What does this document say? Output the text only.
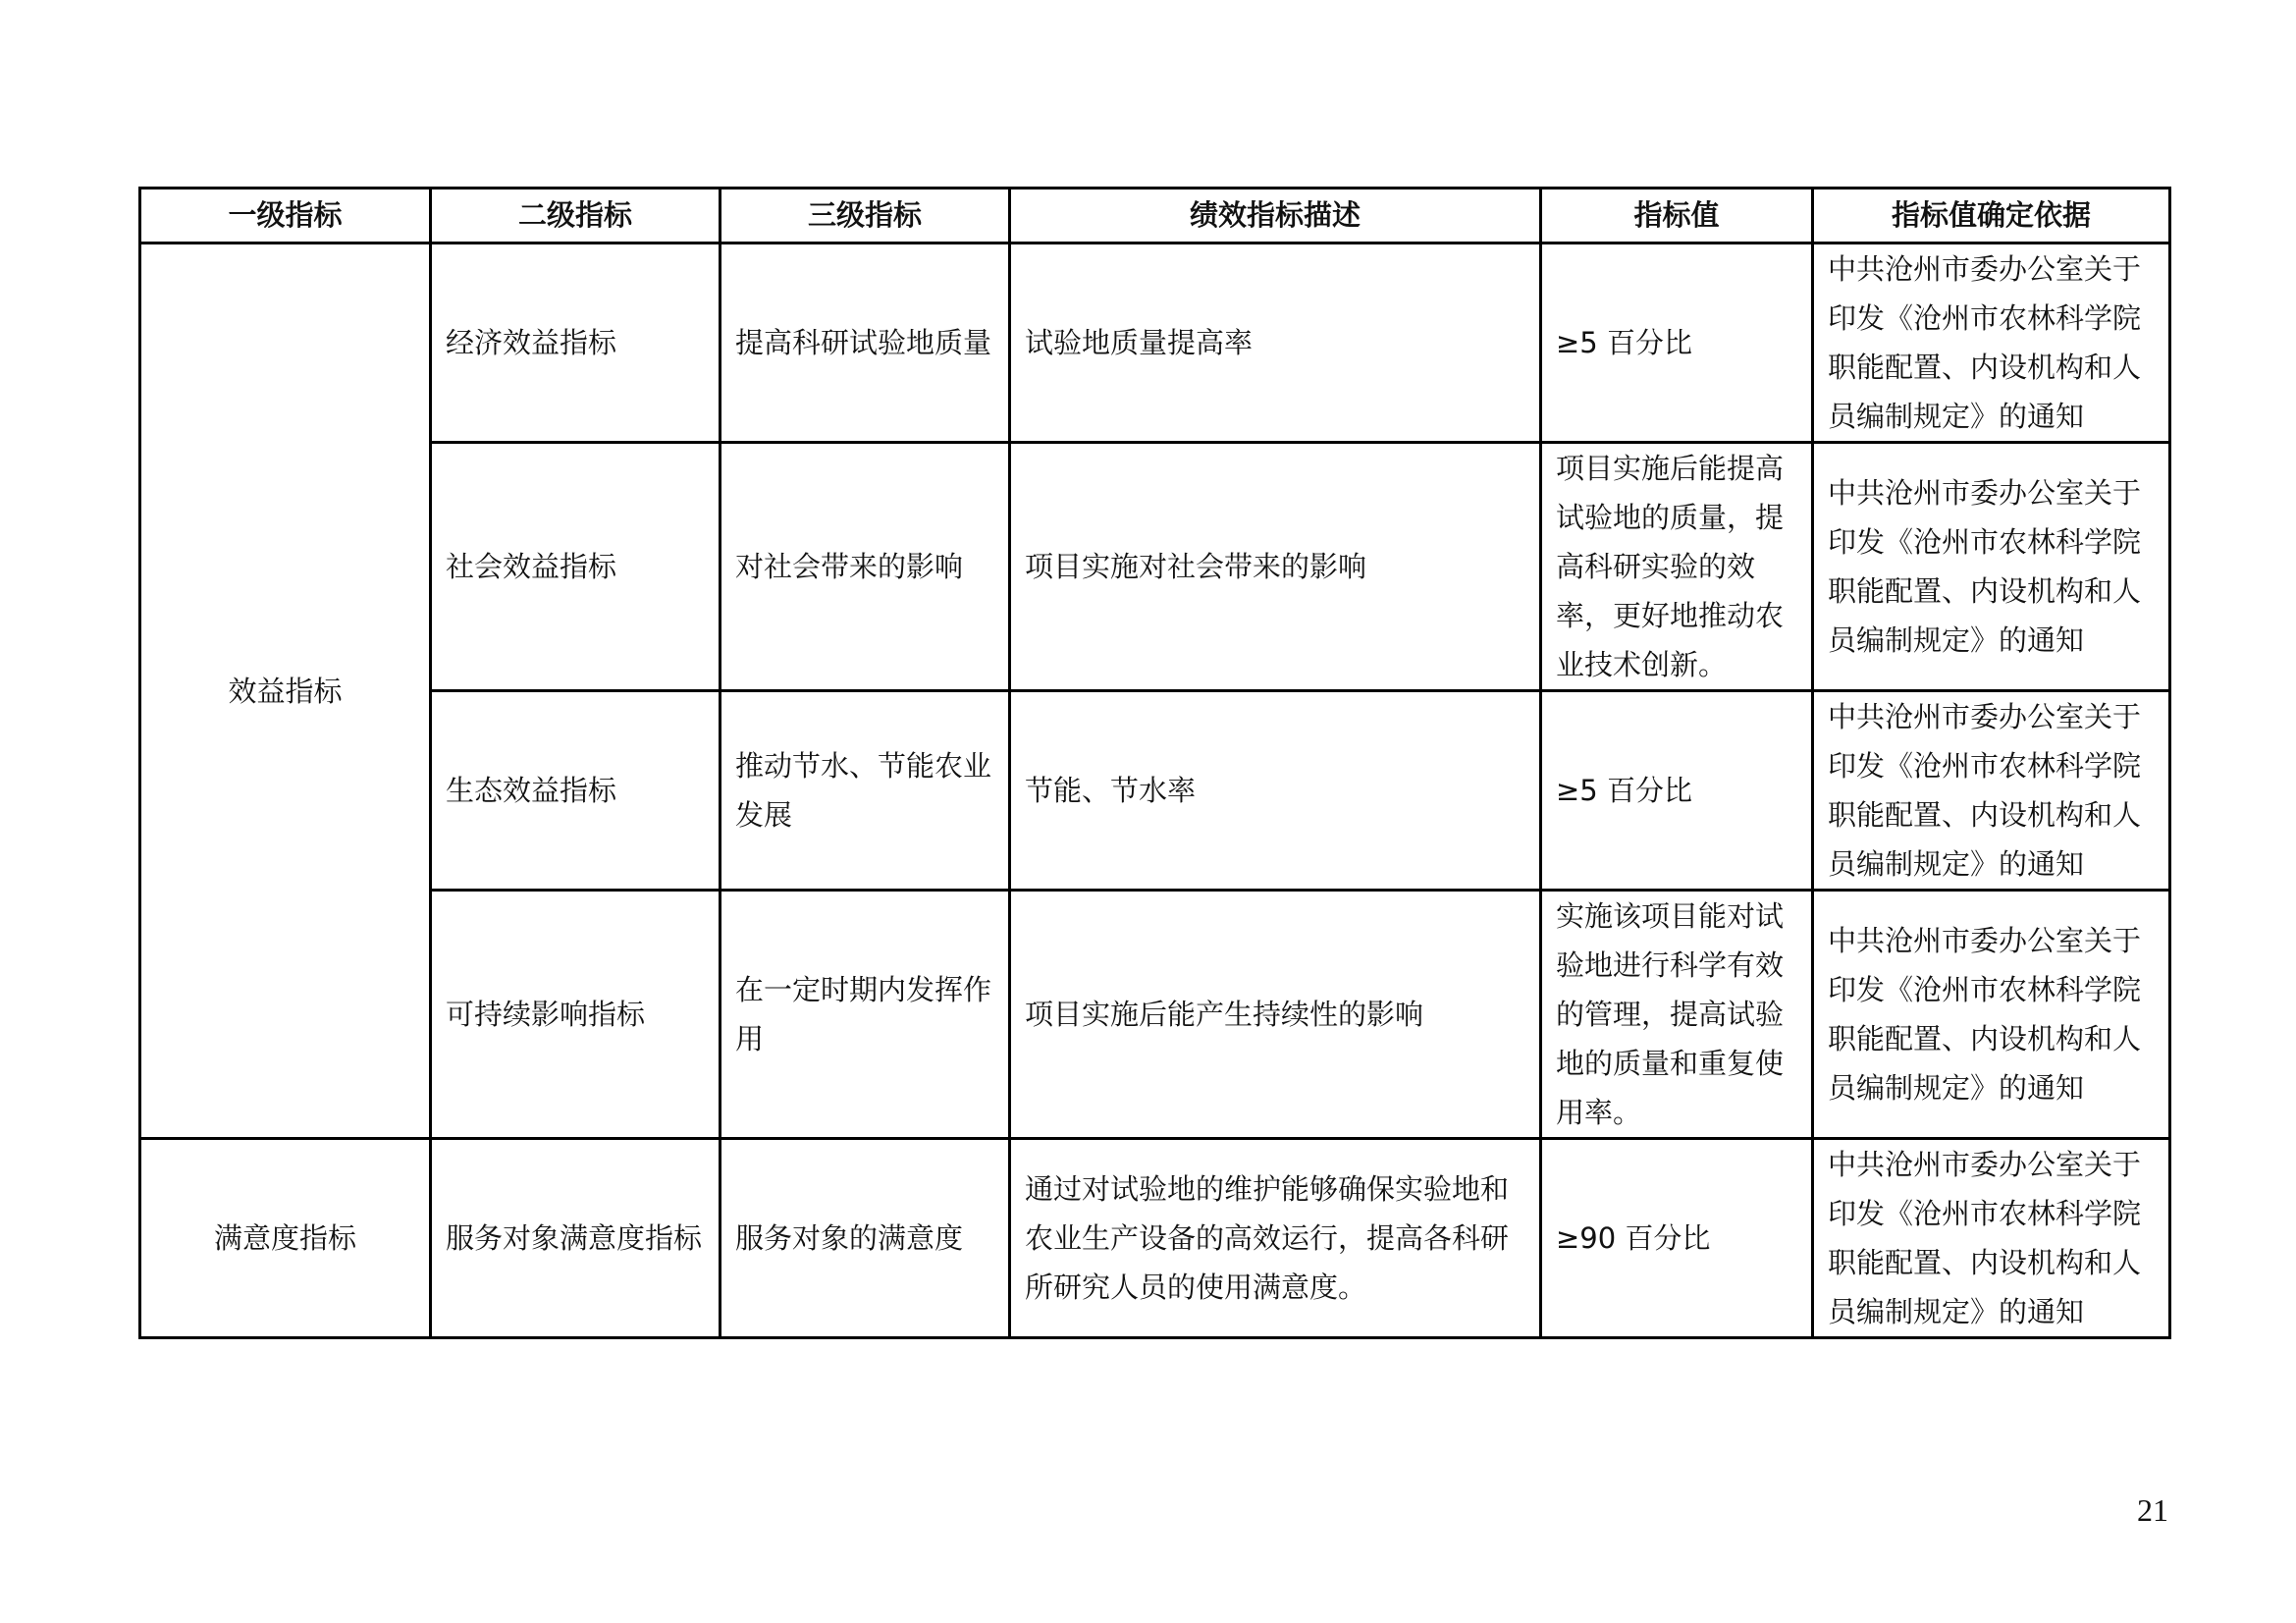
一级指标	二级指标	三级指标	绩效指标描述	指标值	指标值确定依据
效益指标	经济效益指标	提高科研试验地质量	试验地质量提高率	≥5 百分比	中共沧州市委办公室关于印发《沧州市农林科学院职能配置、内设机构和人员编制规定》的通知
	社会效益指标	对社会带来的影响	项目实施对社会带来的影响	项目实施后能提高试验地的质量，提高科研实验的效率，更好地推动农业技术创新。	中共沧州市委办公室关于印发《沧州市农林科学院职能配置、内设机构和人员编制规定》的通知
	生态效益指标	推动节水、节能农业发展	节能、节水率	≥5 百分比	中共沧州市委办公室关于印发《沧州市农林科学院职能配置、内设机构和人员编制规定》的通知
	可持续影响指标	在一定时期内发挥作用	项目实施后能产生持续性的影响	实施该项目能对试验地进行科学有效的管理，提高试验地的质量和重复使用率。	中共沧州市委办公室关于印发《沧州市农林科学院职能配置、内设机构和人员编制规定》的通知
满意度指标	服务对象满意度指标	服务对象的满意度	通过对试验地的维护能够确保实验地和农业生产设备的高效运行，提高各科研所研究人员的使用满意度。	≥90 百分比	中共沧州市委办公室关于印发《沧州市农林科学院职能配置、内设机构和人员编制规定》的通知
21
